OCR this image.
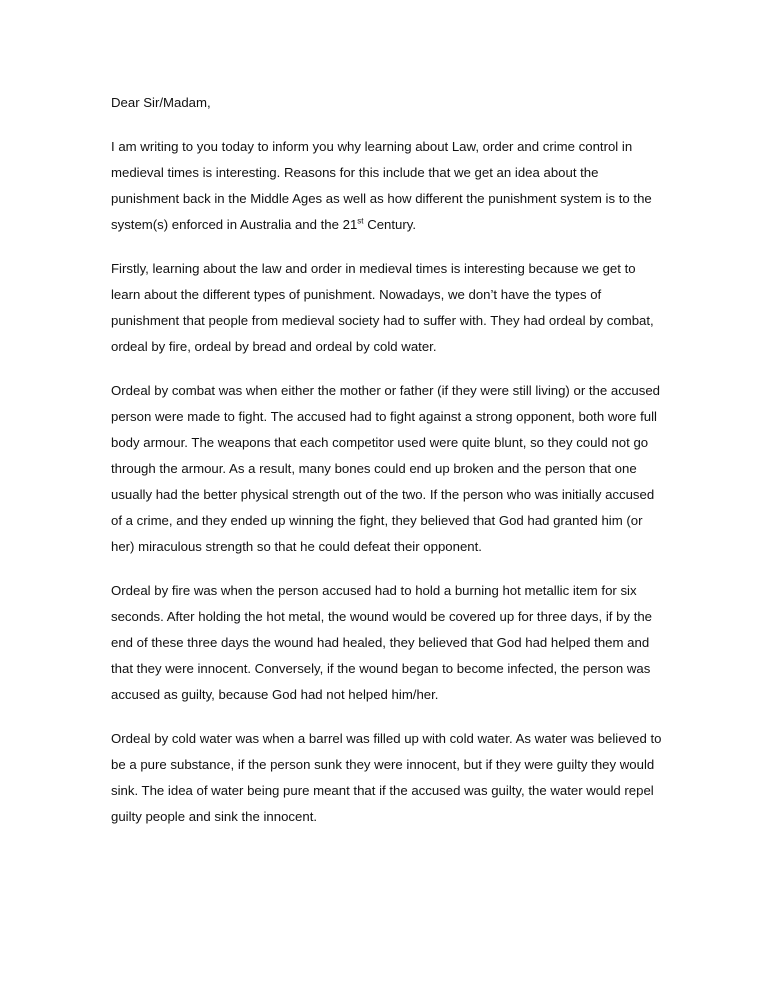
Dear Sir/Madam,

I am writing to you today to inform you why learning about Law, order and crime control in medieval times is interesting. Reasons for this include that we get an idea about the punishment back in the Middle Ages as well as how different the punishment system is to the system(s) enforced in Australia and the 21st Century.

Firstly, learning about the law and order in medieval times is interesting because we get to learn about the different types of punishment. Nowadays, we don’t have the types of punishment that people from medieval society had to suffer with. They had ordeal by combat, ordeal by fire, ordeal by bread and ordeal by cold water.

Ordeal by combat was when either the mother or father (if they were still living) or the accused person were made to fight. The accused had to fight against a strong opponent, both wore full body armour. The weapons that each competitor used were quite blunt, so they could not go through the armour. As a result, many bones could end up broken and the person that one usually had the better physical strength out of the two. If the person who was initially accused of a crime, and they ended up winning the fight, they believed that God had granted him (or her) miraculous strength so that he could defeat their opponent.

Ordeal by fire was when the person accused had to hold a burning hot metallic item for six seconds. After holding the hot metal, the wound would be covered up for three days, if by the end of these three days the wound had healed, they believed that God had helped them and that they were innocent. Conversely, if the wound began to become infected, the person was accused as guilty, because God had not helped him/her.

Ordeal by cold water was when a barrel was filled up with cold water. As water was believed to be a pure substance, if the person sunk they were innocent, but if they were guilty they would sink. The idea of water being pure meant that if the accused was guilty, the water would repel guilty people and sink the innocent.
